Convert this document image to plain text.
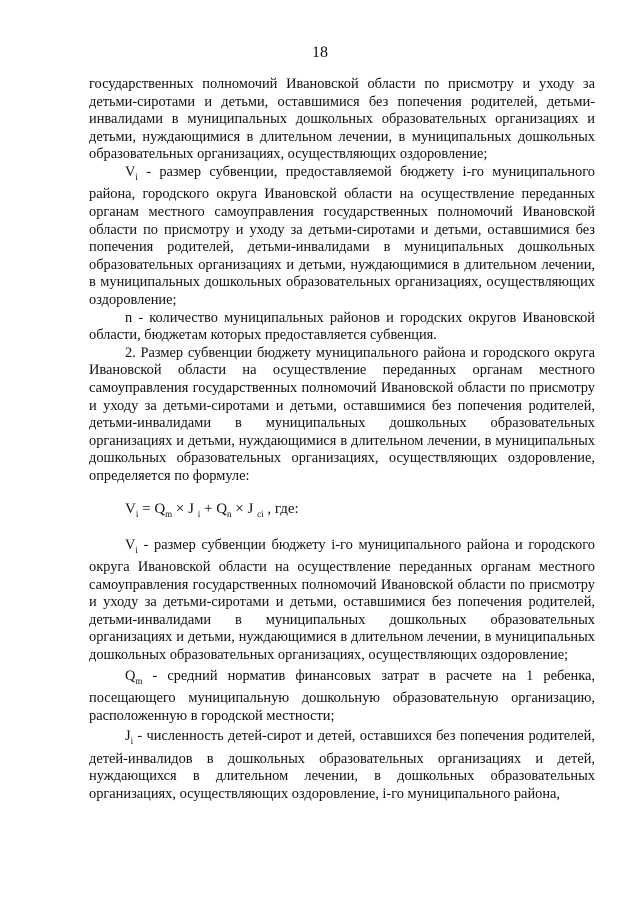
18

государственных полномочий Ивановской области по присмотру и уходу за детьми-сиротами и детьми, оставшимися без попечения родителей, детьми-инвалидами в муниципальных дошкольных образовательных организациях и детьми, нуждающимися в длительном лечении, в муниципальных дошкольных образовательных организациях, осуществляющих оздоровление;

$V_i$ - размер субвенции, предоставляемой бюджету i-го муниципального района, городского округа Ивановской области на осуществление переданных органам местного самоуправления государственных полномочий Ивановской области по присмотру и уходу за детьми-сиротами и детьми, оставшимися без попечения родителей, детьми-инвалидами в муниципальных дошкольных образовательных организациях и детьми, нуждающимися в длительном лечении, в муниципальных дошкольных образовательных организациях, осуществляющих оздоровление;

n - количество муниципальных районов и городских округов Ивановской области, бюджетам которых предоставляется субвенция.

2. Размер субвенции бюджету муниципального района и городского округа Ивановской области на осуществление переданных органам местного самоуправления государственных полномочий Ивановской области по присмотру и уходу за детьми-сиротами и детьми, оставшимися без попечения родителей, детьми-инвалидами в муниципальных дошкольных образовательных организациях и детьми, нуждающимися в длительном лечении, в муниципальных дошкольных образовательных организациях, осуществляющих оздоровление, определяется по формуле:

$V_i = Q_m \times J$ $_i + Q_n \times J$ $_{ci}$ , где:

$V_i$ - размер субвенции бюджету i-го муниципального района и городского округа Ивановской области на осуществление переданных органам местного самоуправления государственных полномочий Ивановской области по присмотру и уходу за детьми-сиротами и детьми, оставшимися без попечения родителей, детьми-инвалидами в муниципальных дошкольных образовательных организациях и детьми, нуждающимися в длительном лечении, в муниципальных дошкольных образовательных организациях, осуществляющих оздоровление;

$Q_m$ - средний норматив финансовых затрат в расчете на 1 ребенка, посещающего муниципальную дошкольную образовательную организацию, расположенную в городской местности;

$J_i$ - численность детей-сирот и детей, оставшихся без попечения родителей, детей-инвалидов в дошкольных образовательных организациях и детей, нуждающихся в длительном лечении, в дошкольных образовательных организациях, осуществляющих оздоровление, i-го муниципального района,
